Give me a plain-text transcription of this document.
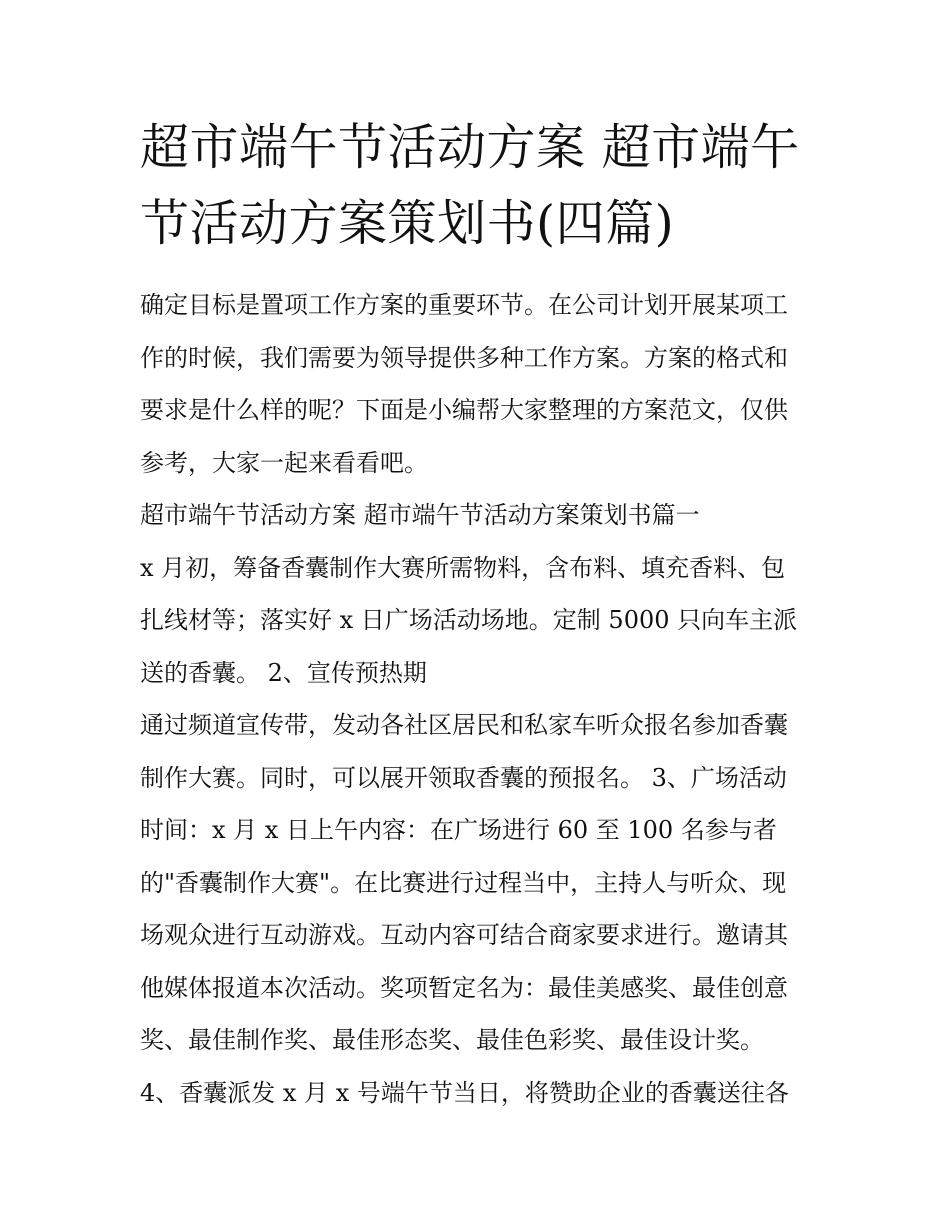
超市端午节活动方案 超市端午
节活动方案策划书(四篇)

确定目标是置项工作方案的重要环节。在公司计划开展某项工
作的时候，我们需要为领导提供多种工作方案。方案的格式和
要求是什么样的呢？下面是小编帮大家整理的方案范文，仅供
参考，大家一起来看看吧。

超市端午节活动方案 超市端午节活动方案策划书篇一

x 月初，筹备香囊制作大赛所需物料，含布料、填充香料、包
扎线材等；落实好 x 日广场活动场地。定制 5000 只向车主派
送的香囊。 2、宣传预热期

通过频道宣传带，发动各社区居民和私家车听众报名参加香囊
制作大赛。同时，可以展开领取香囊的预报名。 3、广场活动
时间：x 月 x 日上午内容：在广场进行 60 至 100 名参与者
的"香囊制作大赛"。在比赛进行过程当中，主持人与听众、现
场观众进行互动游戏。互动内容可结合商家要求进行。邀请其
他媒体报道本次活动。奖项暂定名为：最佳美感奖、最佳创意
奖、最佳制作奖、最佳形态奖、最佳色彩奖、最佳设计奖。
4、香囊派发 x 月 x 号端午节当日，将赞助企业的香囊送往各
